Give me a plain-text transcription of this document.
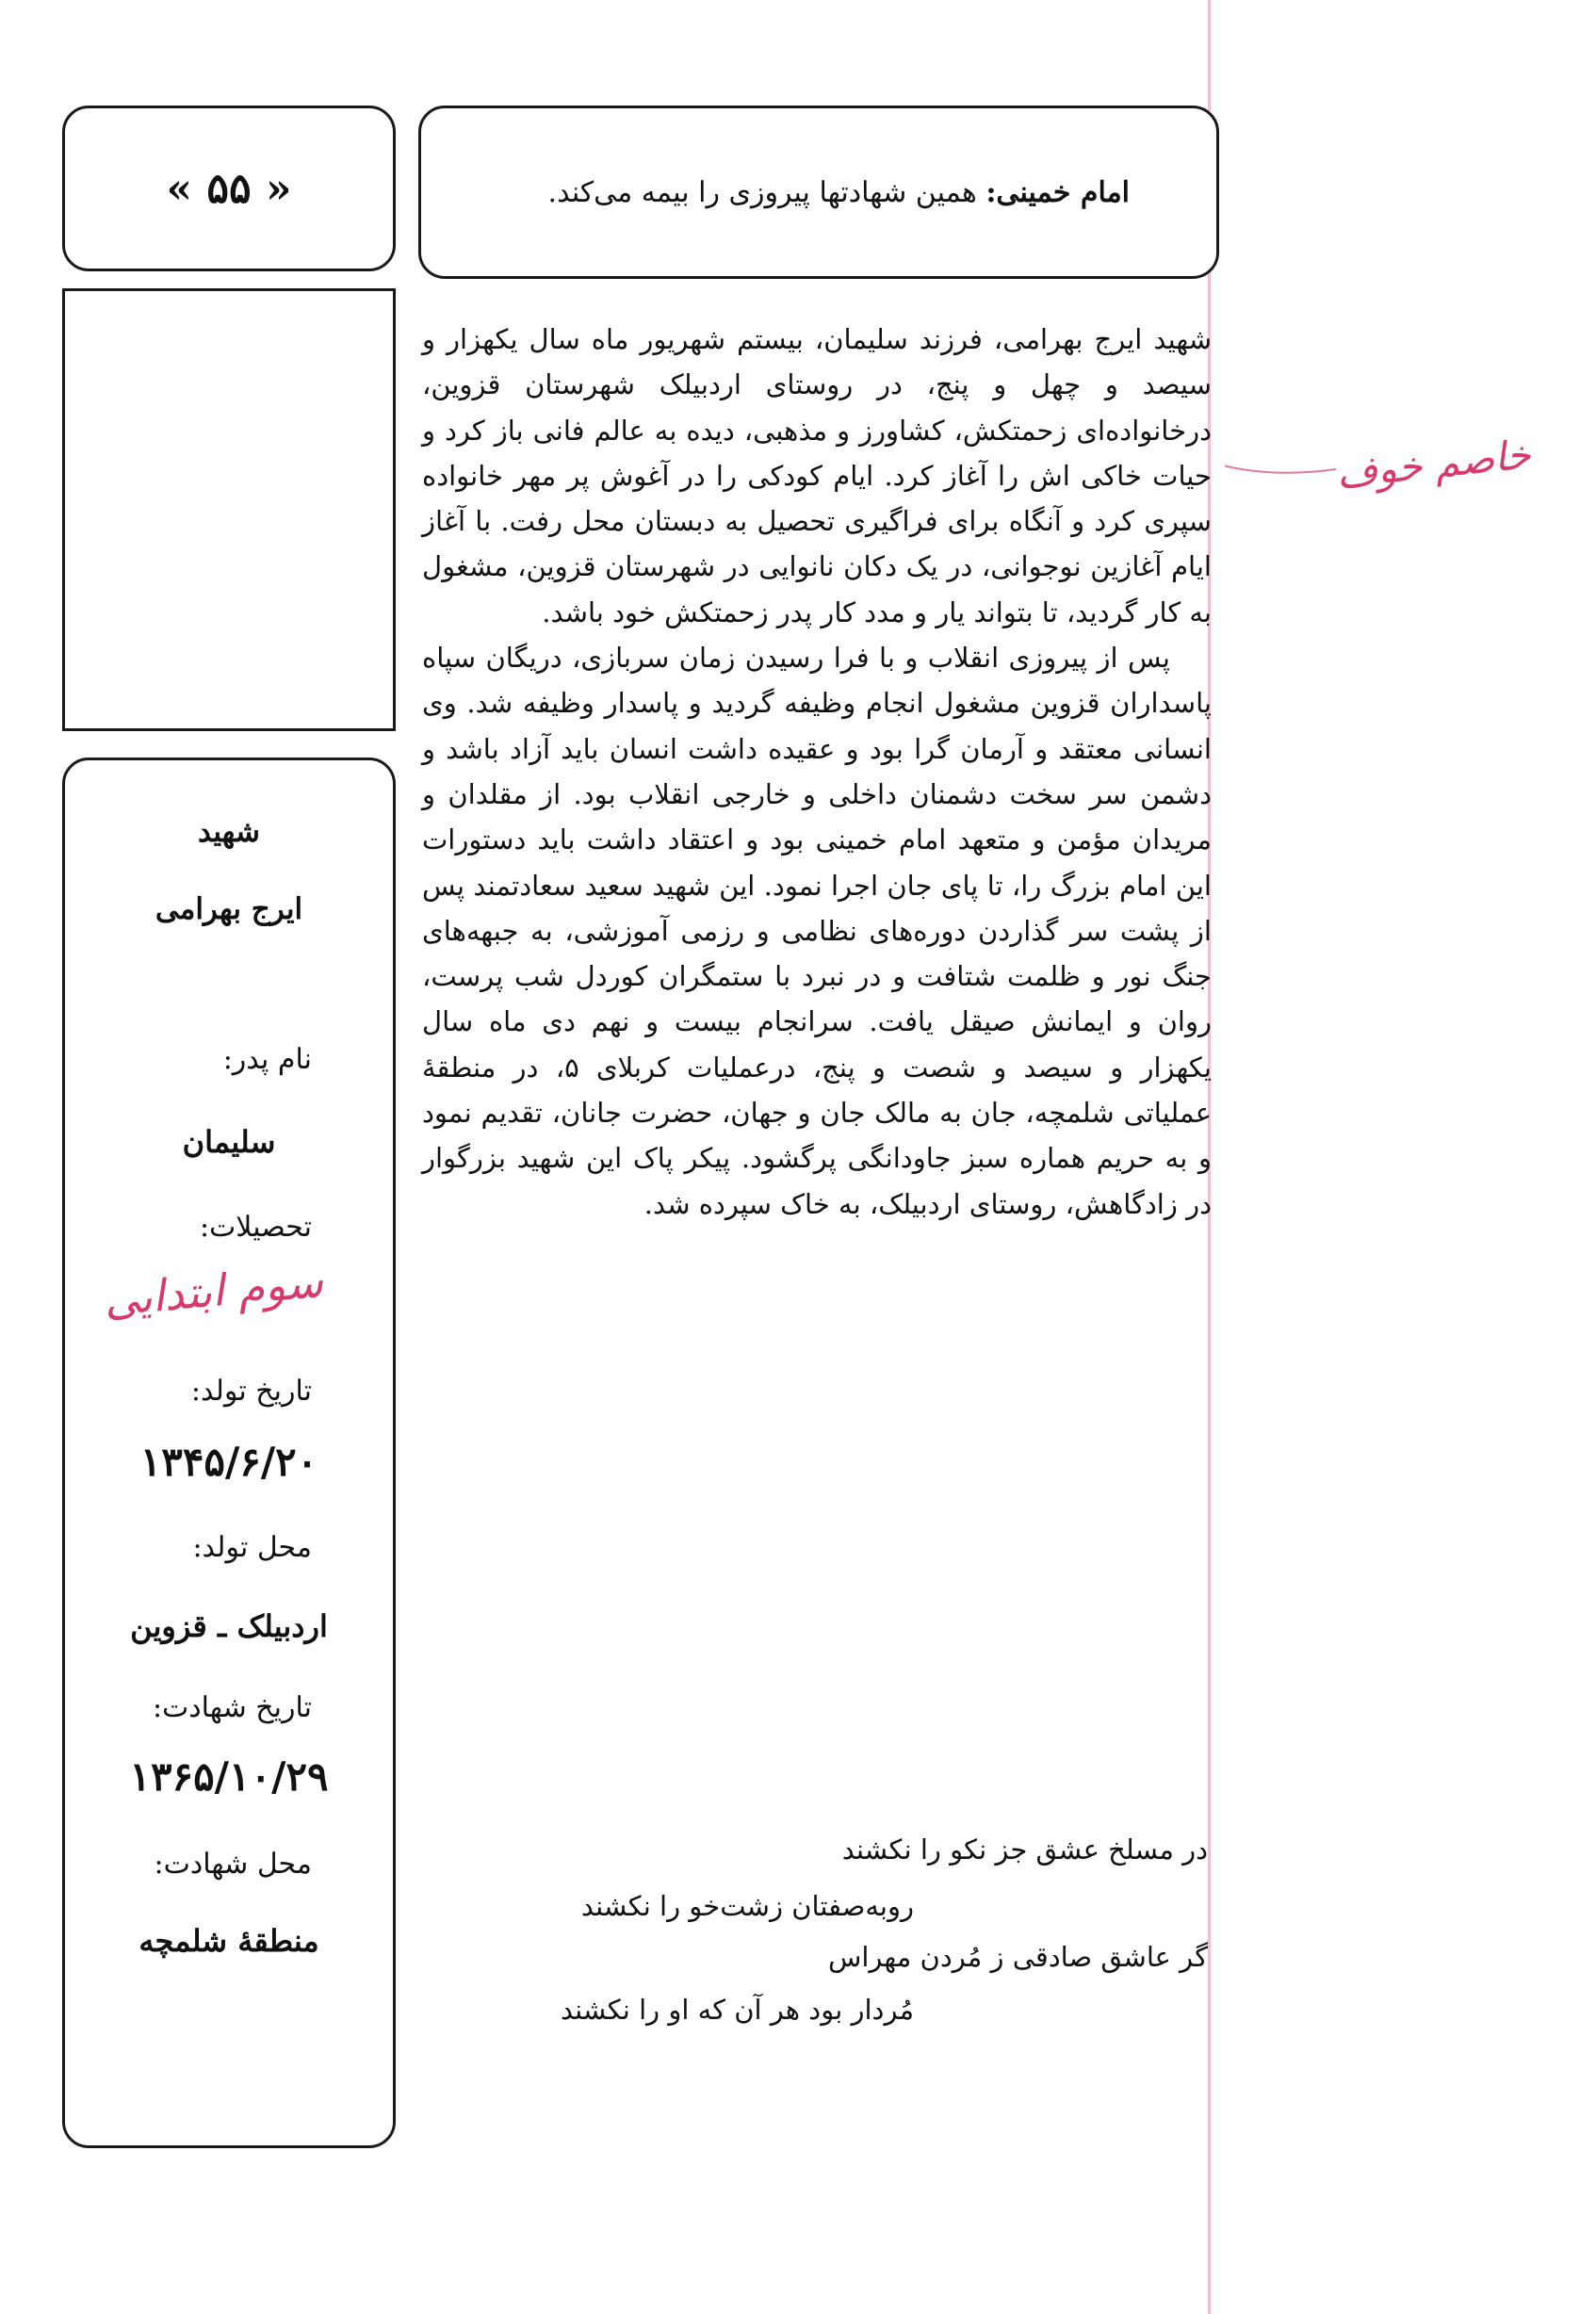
« ۵۵ »	امام خمینی: همین شهادتها پیروزی را بیمه می‌کند.

شهید
ایرج بهرامی
نام پدر:
سلیمان
تحصیلات:
سوم ابتدایی
تاریخ تولد:
۱۳۴۵/۶/۲۰
محل تولد:
اردبیلک ـ قزوین
تاریخ شهادت:
۱۳۶۵/۱۰/۲۹
محل شهادت:
منطقهٔ شلمچه

شهید ایرج بهرامی، فرزند سلیمان، بیستم شهریور ماه سال یکهزار و سیصد و چهل و پنج، در روستای اردبیلک شهرستان قزوین، درخانواده‌ای زحمتکش، کشاورز و مذهبی، دیده به عالم فانی باز کرد و حیات خاکی اش را آغاز کرد. ایام کودکی را در آغوش پر مهر خانواده سپری کرد و آنگاه برای فراگیری تحصیل به دبستان محل رفت. با آغاز ایام آغازین نوجوانی، در یک دکان نانوایی در شهرستان قزوین، مشغول به کار گردید، تا بتواند یار و مدد کار پدر زحمتکش خود باشد.

پس از پیروزی انقلاب و با فرا رسیدن زمان سربازی، دریگان سپاه پاسداران قزوین مشغول انجام وظیفه گردید و پاسدار وظیفه شد. وی انسانی معتقد و آرمان گرا بود و عقیده داشت انسان باید آزاد باشد و دشمن سر سخت دشمنان داخلی و خارجی انقلاب بود. از مقلدان و مریدان مؤمن و متعهد امام خمینی بود و اعتقاد داشت باید دستورات این امام بزرگ را، تا پای جان اجرا نمود. این شهید سعید سعادتمند پس از پشت سر گذاردن دوره‌های نظامی و رزمی آموزشی، به جبهه‌های جنگ نور و ظلمت شتافت و در نبرد با ستمگران کوردل شب پرست، روان و ایمانش صیقل یافت. سرانجام بیست و نهم دی ماه سال یکهزار و سیصد و شصت و پنج، درعملیات کربلای ۵، در منطقهٔ عملیاتی شلمچه، جان به مالک جان و جهان، حضرت جانان، تقدیم نمود و به حریم هماره سبز جاودانگی پرگشود. پیکر پاک این شهید بزرگوار در زادگاهش، روستای اردبیلک، به خاک سپرده شد.

در مسلخ عشق جز نکو را نکشند
روبه‌صفتان زشت‌خو را نکشند
گر عاشق صادقی ز مُردن مهراس
مُردار بود هر آن که او را نکشند
خاصم خوف
